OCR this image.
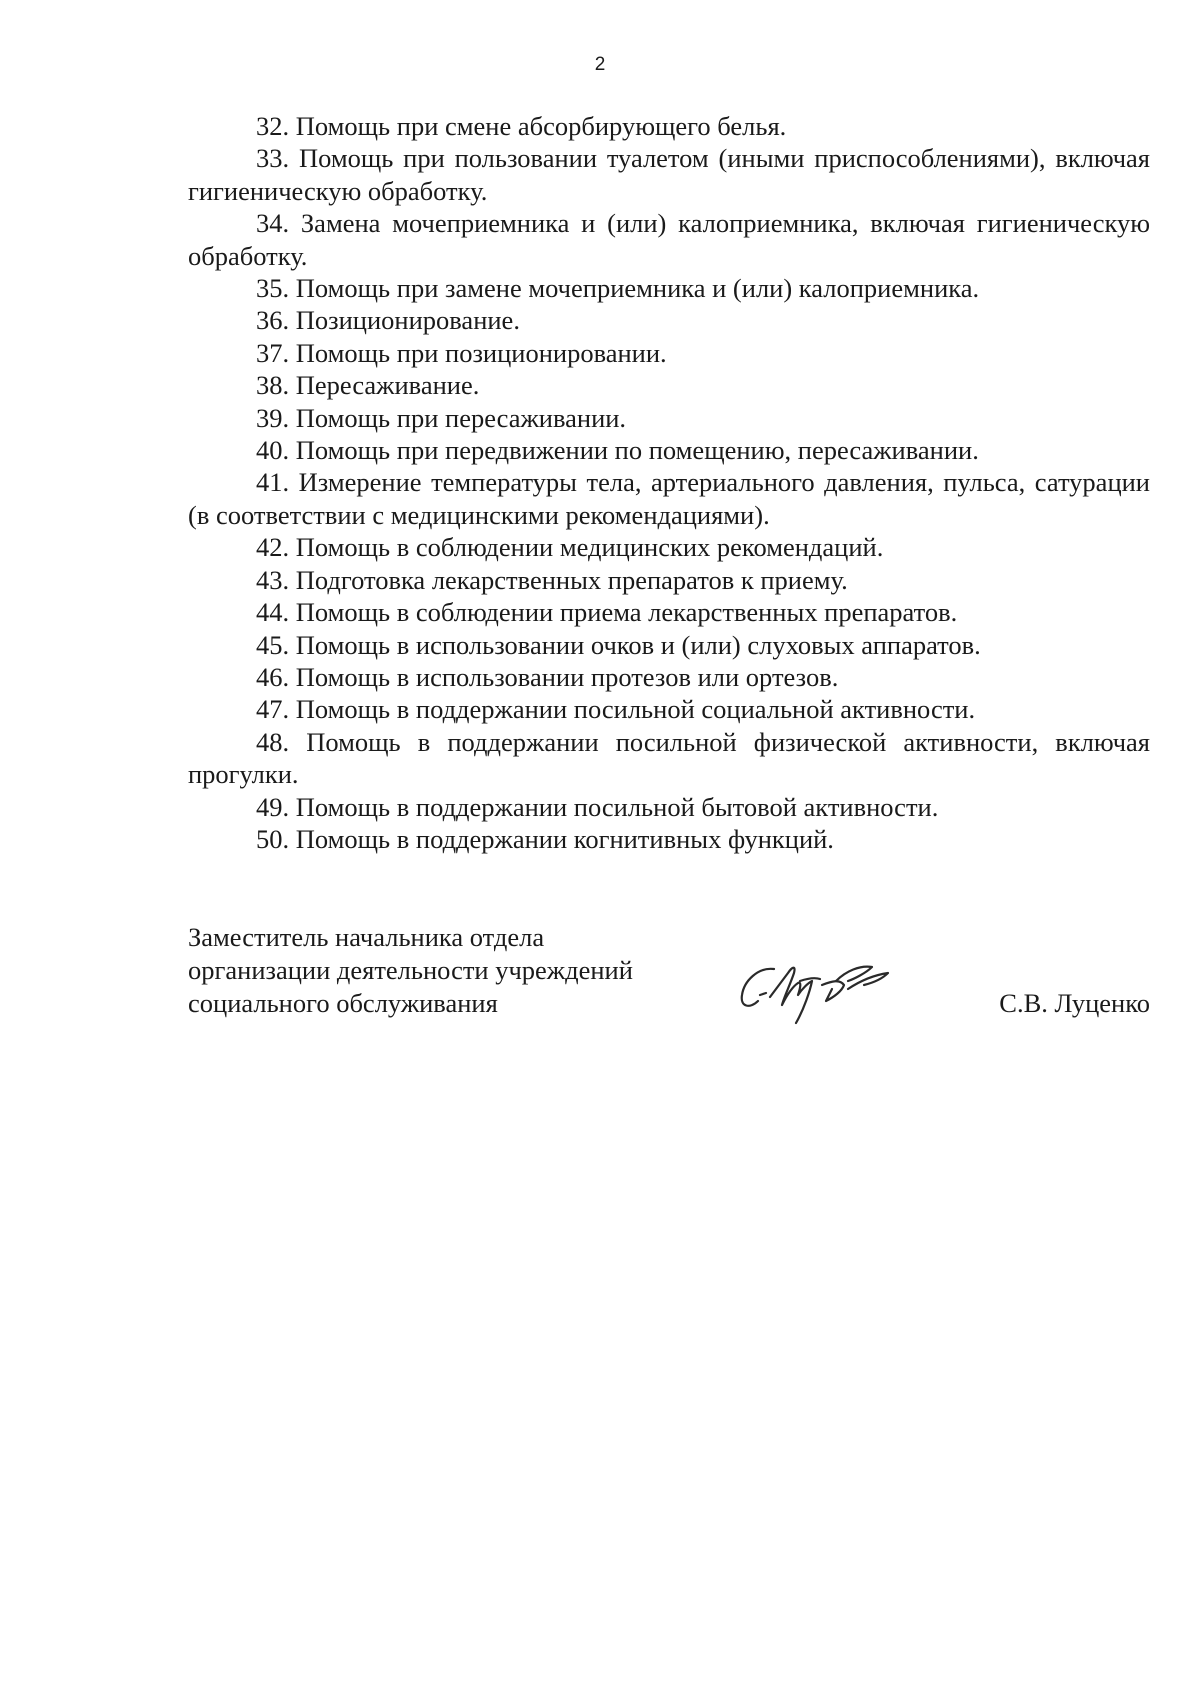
2

32. Помощь при смене абсорбирующего белья.

33. Помощь при пользовании туалетом (иными приспособлениями), включая гигиеническую обработку.

34. Замена мочеприемника и (или) калоприемника, включая гигиеническую обработку.

35. Помощь при замене мочеприемника и (или) калоприемника.

36. Позиционирование.

37. Помощь при позиционировании.

38. Пересаживание.

39. Помощь при пересаживании.

40. Помощь при передвижении по помещению, пересаживании.

41. Измерение температуры тела, артериального давления, пульса, сатурации (в соответствии с медицинскими рекомендациями).

42. Помощь в соблюдении медицинских рекомендаций.

43. Подготовка лекарственных препаратов к приему.

44. Помощь в соблюдении приема лекарственных препаратов.

45. Помощь в использовании очков и (или) слуховых аппаратов.

46. Помощь в использовании протезов или ортезов.

47. Помощь в поддержании посильной социальной активности.

48. Помощь в поддержании посильной физической активности, включая прогулки.

49. Помощь в поддержании посильной бытовой активности.

50. Помощь в поддержании когнитивных функций.

Заместитель начальника отдела
организации деятельности учреждений
социального обслуживания	С.В. Луценко
